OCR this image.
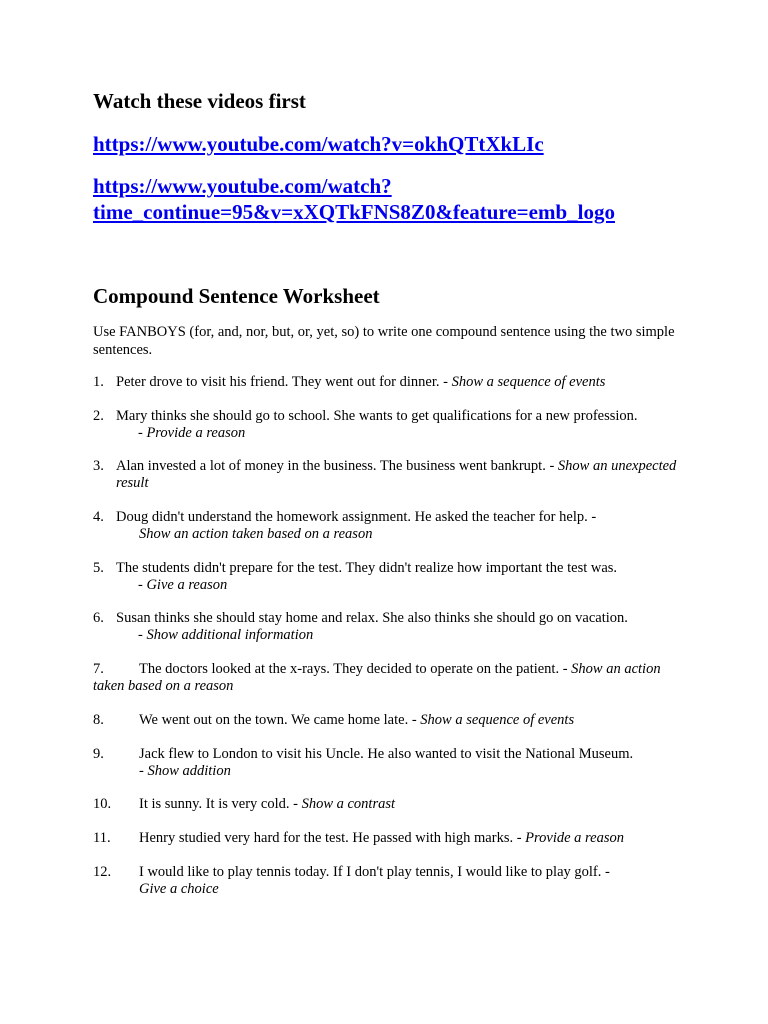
Watch these videos first
https://www.youtube.com/watch?v=okhQTtXkLIc
https://www.youtube.com/watch?
time_continue=95&v=xXQTkFNS8Z0&feature=emb_logo
Compound Sentence Worksheet
Use FANBOYS (for, and, nor, but, or, yet, so) to write one compound sentence using the two simple sentences.
1. Peter drove to visit his friend. They went out for dinner. - Show a sequence of events
2. Mary thinks she should go to school. She wants to get qualifications for a new profession.
- Provide a reason
3. Alan invested a lot of money in the business. The business went bankrupt. - Show an unexpected result
4. Doug didn't understand the homework assignment. He asked the teacher for help. -
Show an action taken based on a reason
5. The students didn't prepare for the test. They didn't realize how important the test was.
- Give a reason
6. Susan thinks she should stay home and relax. She also thinks she should go on vacation.
- Show additional information
7.	The doctors looked at the x-rays. They decided to operate on the patient. - Show an action taken based on a reason
8. We went out on the town. We came home late. - Show a sequence of events
9. Jack flew to London to visit his Uncle. He also wanted to visit the National Museum.
- Show addition
10. It is sunny. It is very cold. - Show a contrast
11. Henry studied very hard for the test. He passed with high marks. - Provide a reason
12. I would like to play tennis today. If I don't play tennis, I would like to play golf. -
Give a choice
